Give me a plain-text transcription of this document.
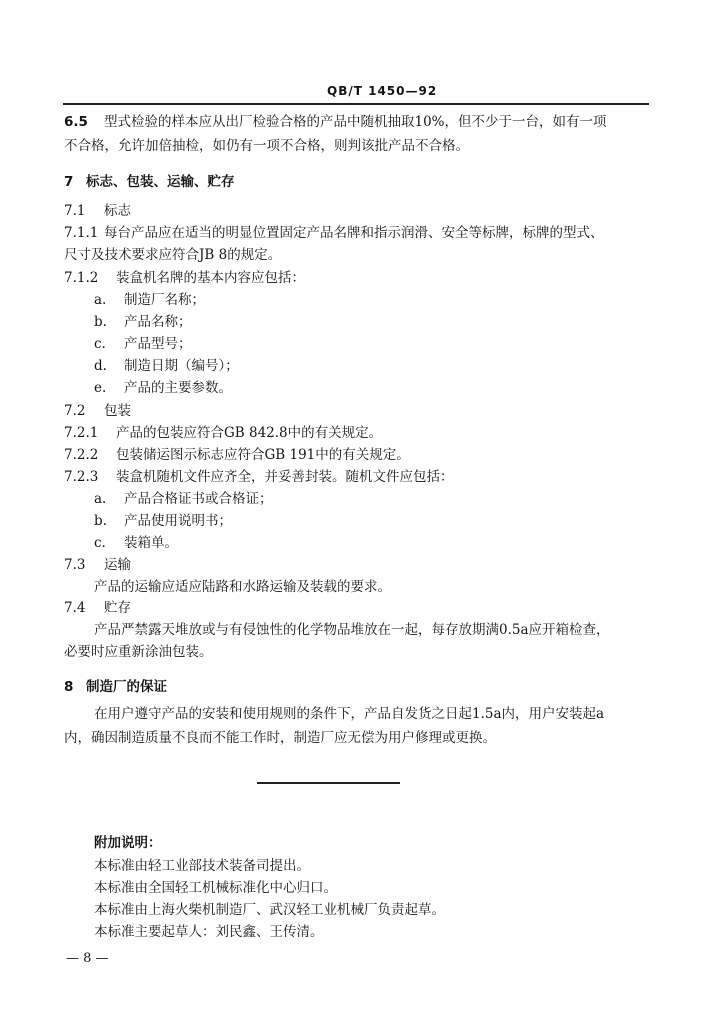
QB/T 1450—92
6.5 型式检验的样本应从出厂检验合格的产品中随机抽取10%，但不少于一台，如有一项
不合格，允许加倍抽检，如仍有一项不合格，则判该批产品不合格。
7 标志、包装、运输、贮存
7.1 标志
7.1.1 每台产品应在适当的明显位置固定产品名牌和指示润滑、安全等标牌，标牌的型式、
尺寸及技术要求应符合JB 8的规定。
7.1.2 装盒机名牌的基本内容应包括：
a. 制造厂名称；
b. 产品名称；
c. 产品型号；
d. 制造日期（编号）；
e. 产品的主要参数。
7.2 包装
7.2.1 产品的包装应符合GB 842.8中的有关规定。
7.2.2 包装储运图示标志应符合GB 191中的有关规定。
7.2.3 装盒机随机文件应齐全，并妥善封装。随机文件应包括：
a. 产品合格证书或合格证；
b. 产品使用说明书；
c. 装箱单。
7.3 运输
产品的运输应适应陆路和水路运输及装载的要求。
7.4 贮存
产品严禁露天堆放或与有侵蚀性的化学物品堆放在一起，每存放期满0.5a应开箱检查，
必要时应重新涂油包装。
8 制造厂的保证
在用户遵守产品的安装和使用规则的条件下，产品自发货之日起1.5a内，用户安装起a
内，确因制造质量不良而不能工作时，制造厂应无偿为用户修理或更换。
附加说明：
本标准由轻工业部技术装备司提出。
本标准由全国轻工机械标准化中心归口。
本标准由上海火柴机制造厂、武汉轻工业机械厂负责起草。
本标准主要起草人：刘民鑫、王传清。
— 8 —
